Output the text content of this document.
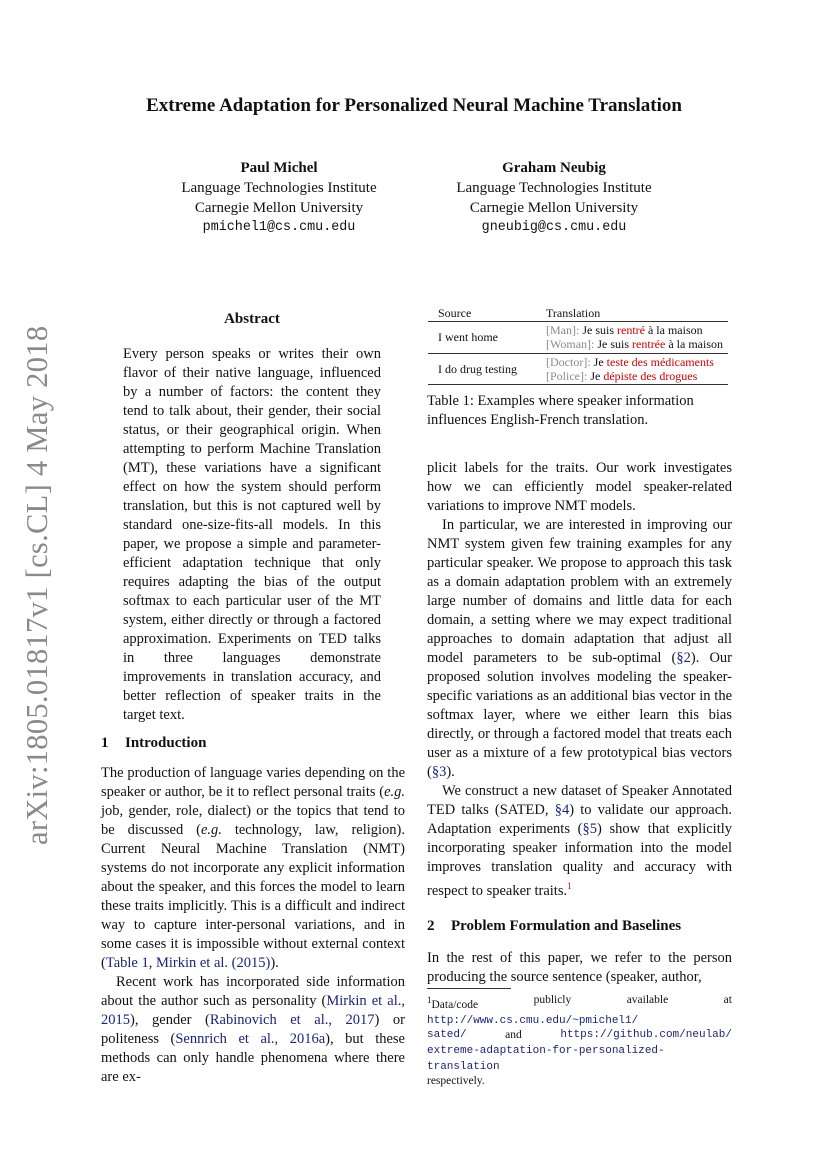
arXiv:1805.01817v1 [cs.CL] 4 May 2018
Extreme Adaptation for Personalized Neural Machine Translation
Paul Michel
Language Technologies Institute
Carnegie Mellon University
pmichel1@cs.cmu.edu
Graham Neubig
Language Technologies Institute
Carnegie Mellon University
gneubig@cs.cmu.edu
Abstract

Every person speaks or writes their own flavor of their native language, influenced by a number of factors: the content they tend to talk about, their gender, their social status, or their geographical origin. When attempting to perform Machine Translation (MT), these variations have a significant effect on how the system should perform translation, but this is not captured well by standard one-size-fits-all models. In this paper, we propose a simple and parameter-efficient adaptation technique that only requires adapting the bias of the output softmax to each particular user of the MT system, either directly or through a factored approximation. Experiments on TED talks in three languages demonstrate improvements in translation accuracy, and better reflection of speaker traits in the target text.

1 Introduction

The production of language varies depending on the speaker or author, be it to reflect personal traits (e.g. job, gender, role, dialect) or the topics that tend to be discussed (e.g. technology, law, religion). Current Neural Machine Translation (NMT) systems do not incorporate any explicit information about the speaker, and this forces the model to learn these traits implicitly. This is a difficult and indirect way to capture inter-personal variations, and in some cases it is impossible without external context (Table 1, Mirkin et al. (2015)).

Recent work has incorporated side information about the author such as personality (Mirkin et al., 2015), gender (Rabinovich et al., 2017) or politeness (Sennrich et al., 2016a), but these methods can only handle phenomena where there are ex-

Source	Translation
I went home	[Man]: Je suis rentré à la maison
[Woman]: Je suis rentrée à la maison
I do drug testing	[Doctor]: Je teste des médicaments
[Police]: Je dépiste des drogues
Table 1: Examples where speaker information influences English-French translation.

plicit labels for the traits. Our work investigates how we can efficiently model speaker-related variations to improve NMT models.

In particular, we are interested in improving our NMT system given few training examples for any particular speaker. We propose to approach this task as a domain adaptation problem with an extremely large number of domains and little data for each domain, a setting where we may expect traditional approaches to domain adaptation that adjust all model parameters to be sub-optimal (§2). Our proposed solution involves modeling the speaker-specific variations as an additional bias vector in the softmax layer, where we either learn this bias directly, or through a factored model that treats each user as a mixture of a few prototypical bias vectors (§3).

We construct a new dataset of Speaker Annotated TED talks (SATED, §4) to validate our approach. Adaptation experiments (§5) show that explicitly incorporating speaker information into the model improves translation quality and accuracy with respect to speaker traits.$^1$

2 Problem Formulation and Baselines

In the rest of this paper, we refer to the person producing the source sentence (speaker, author,

$^1$Data/code	publicly	available	at
http://www.cs.cmu.edu/~pmichel1/
sated/	and	https://github.com/neulab/
extreme-adaptation-for-personalized-translation
respectively.
